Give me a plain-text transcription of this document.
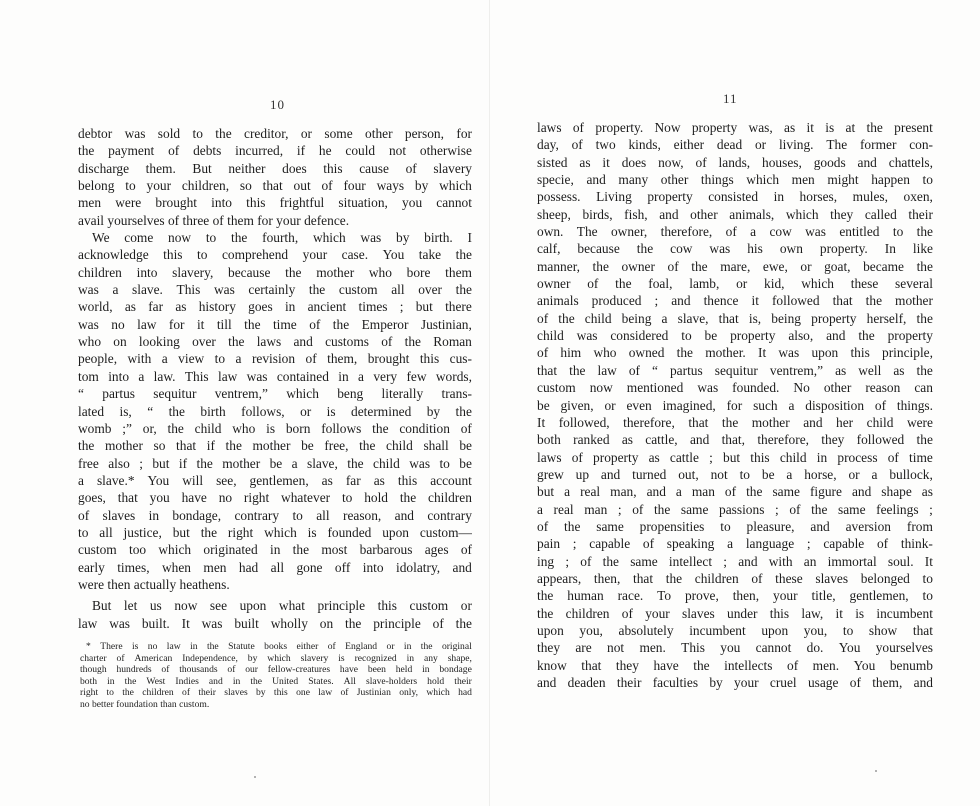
10
debtor was sold to the creditor, or some other person, for
the payment of debts incurred, if he could not otherwise
discharge them. But neither does this cause of slavery
belong to your children, so that out of four ways by which
men were brought into this frightful situation, you cannot
avail yourselves of three of them for your defence.
We come now to the fourth, which was by birth. I
acknowledge this to comprehend your case. You take the
children into slavery, because the mother who bore them
was a slave. This was certainly the custom all over the
world, as far as history goes in ancient times ; but there
was no law for it till the time of the Emperor Justinian,
who on looking over the laws and customs of the Roman
people, with a view to a revision of them, brought this cus-
tom into a law. This law was contained in a very few words,
“ partus sequitur ventrem,” which beng literally trans-
lated is, “ the birth follows, or is determined by the
womb ;” or, the child who is born follows the condition of
the mother so that if the mother be free, the child shall be
free also ; but if the mother be a slave, the child was to be
a slave.* You will see, gentlemen, as far as this account
goes, that you have no right whatever to hold the children
of slaves in bondage, contrary to all reason, and contrary
to all justice, but the right which is founded upon custom—
custom too which originated in the most barbarous ages of
early times, when men had all gone off into idolatry, and
were then actually heathens.
But let us now see upon what principle this custom or
law was built. It was built wholly on the principle of the
* There is no law in the Statute books either of England or in the original
charter of American Independence, by which slavery is recognized in any shape,
though hundreds of thousands of our fellow-creatures have been held in bondage
both in the West Indies and in the United States. All slave-holders hold their
right to the children of their slaves by this one law of Justinian only, which had
no better foundation than custom.
11
laws of property. Now property was, as it is at the present
day, of two kinds, either dead or living. The former con-
sisted as it does now, of lands, houses, goods and chattels,
specie, and many other things which men might happen to
possess. Living property consisted in horses, mules, oxen,
sheep, birds, fish, and other animals, which they called their
own. The owner, therefore, of a cow was entitled to the
calf, because the cow was his own property. In like
manner, the owner of the mare, ewe, or goat, became the
owner of the foal, lamb, or kid, which these several
animals produced ; and thence it followed that the mother
of the child being a slave, that is, being property herself, the
child was considered to be property also, and the property
of him who owned the mother. It was upon this principle,
that the law of “ partus sequitur ventrem,” as well as the
custom now mentioned was founded. No other reason can
be given, or even imagined, for such a disposition of things.
It followed, therefore, that the mother and her child were
both ranked as cattle, and that, therefore, they followed the
laws of property as cattle ; but this child in process of time
grew up and turned out, not to be a horse, or a bullock,
but a real man, and a man of the same figure and shape as
a real man ; of the same passions ; of the same feelings ;
of the same propensities to pleasure, and aversion from
pain ; capable of speaking a language ; capable of think-
ing ; of the same intellect ; and with an immortal soul. It
appears, then, that the children of these slaves belonged to
the human race. To prove, then, your title, gentlemen, to
the children of your slaves under this law, it is incumbent
upon you, absolutely incumbent upon you, to show that
they are not men. This you cannot do. You yourselves
know that they have the intellects of men. You benumb
and deaden their faculties by your cruel usage of them, and
